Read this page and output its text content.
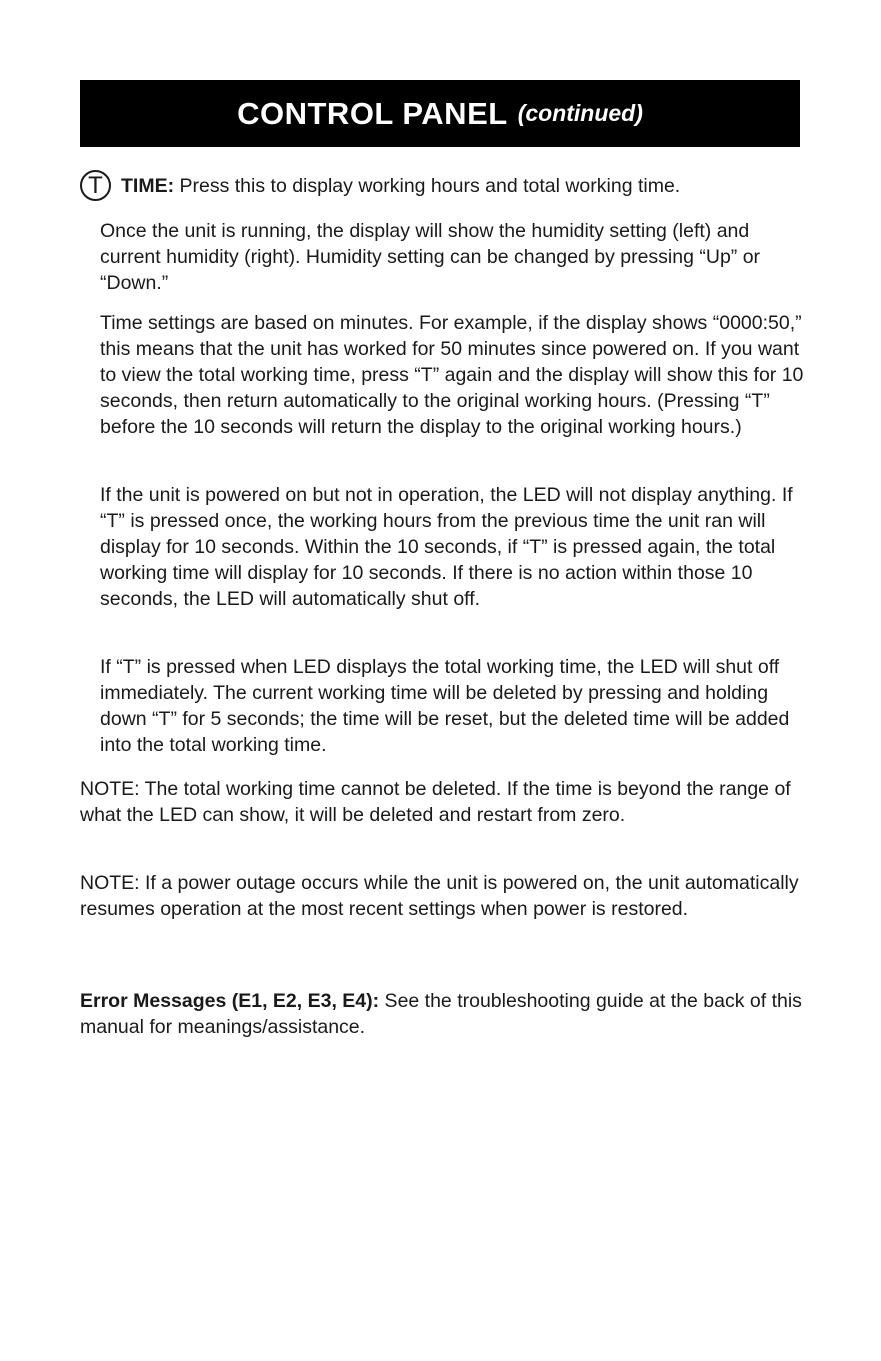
CONTROL PANEL (continued)
T TIME: Press this to display working hours and total working time.

Once the unit is running, the display will show the humidity setting (left) and current humidity (right). Humidity setting can be changed by pressing “Up” or “Down.”

Time settings are based on minutes. For example, if the display shows “0000:50,” this means that the unit has worked for 50 minutes since powered on. If you want to view the total working time, press “T” again and the display will show this for 10 seconds, then return automatically to the original working hours. (Pressing “T” before the 10 seconds will return the display to the original working hours.)

If the unit is powered on but not in operation, the LED will not display anything. If “T” is pressed once, the working hours from the previous time the unit ran will display for 10 seconds. Within the 10 seconds, if “T” is pressed again, the total working time will display for 10 seconds. If there is no action within those 10 seconds, the LED will automatically shut off.

If “T” is pressed when LED displays the total working time, the LED will shut off immediately. The current working time will be deleted by pressing and holding down “T” for 5 seconds; the time will be reset, but the deleted time will be added into the total working time.

NOTE: The total working time cannot be deleted. If the time is beyond the range of what the LED can show, it will be deleted and restart from zero.

NOTE: If a power outage occurs while the unit is powered on, the unit automatically resumes operation at the most recent settings when power is restored.

Error Messages (E1, E2, E3, E4): See the troubleshooting guide at the back of this manual for meanings/assistance.
